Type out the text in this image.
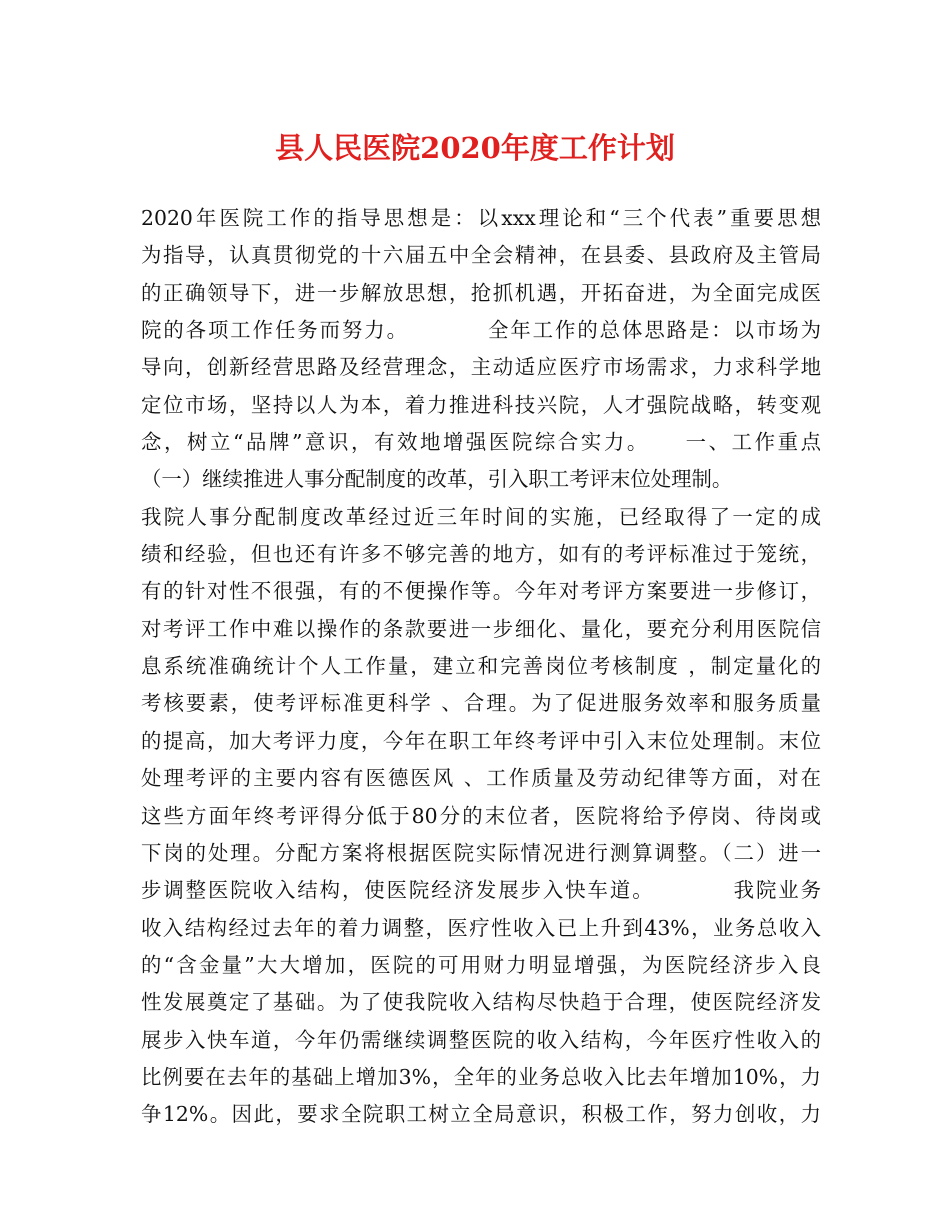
县人民医院2020年度工作计划
2020年医院工作的指导思想是：以xxx理论和“三个代表”重要思想
为指导，认真贯彻党的十六届五中全会精神，在县委、县政府及主管局
的正确领导下，进一步解放思想，抢抓机遇，开拓奋进，为全面完成医
院的各项工作任务而努力。　　　　全年工作的总体思路是：以市场为
导向，创新经营思路及经营理念，主动适应医疗市场需求，力求科学地
定位市场，坚持以人为本，着力推进科技兴院，人才强院战略，转变观
念，树立“品牌”意识，有效地增强医院综合实力。　　一、工作重点
（一）继续推进人事分配制度的改革，引入职工考评末位处理制。
我院人事分配制度改革经过近三年时间的实施，已经取得了一定的成
绩和经验，但也还有许多不够完善的地方，如有的考评标准过于笼统，
有的针对性不很强，有的不便操作等。今年对考评方案要进一步修订，
对考评工作中难以操作的条款要进一步细化、量化，要充分利用医院信
息系统准确统计个人工作量，建立和完善岗位考核制度 ，制定量化的
考核要素，使考评标准更科学 、合理。为了促进服务效率和服务质量
的提高，加大考评力度，今年在职工年终考评中引入末位处理制。末位
处理考评的主要内容有医德医风 、工作质量及劳动纪律等方面，对在
这些方面年终考评得分低于80分的末位者，医院将给予停岗、待岗或
下岗的处理。分配方案将根据医院实际情况进行测算调整。（二）进一
步调整医院收入结构，使医院经济发展步入快车道。　　　　我院业务
收入结构经过去年的着力调整，医疗性收入已上升到43%，业务总收入
的“含金量”大大增加，医院的可用财力明显增强，为医院经济步入良
性发展奠定了基础。为了使我院收入结构尽快趋于合理，使医院经济发
展步入快车道，今年仍需继续调整医院的收入结构，今年医疗性收入的
比例要在去年的基础上增加3%，全年的业务总收入比去年增加10%，力
争12%。因此，要求全院职工树立全局意识，积极工作，努力创收，力
